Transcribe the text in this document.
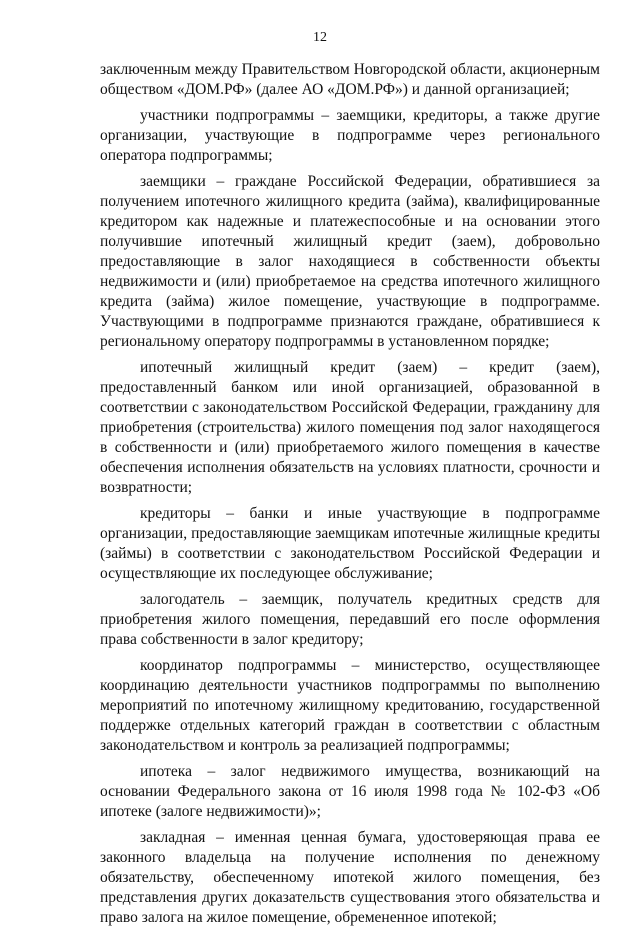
12

заключенным между Правительством Новгородской области, акционерным обществом «ДОМ.РФ» (далее АО «ДОМ.РФ») и данной организацией;

участники подпрограммы – заемщики, кредиторы, а также другие организации, участвующие в подпрограмме через регионального оператора подпрограммы;

заемщики – граждане Российской Федерации, обратившиеся за получением ипотечного жилищного кредита (займа), квалифицированные кредитором как надежные и платежеспособные и на основании этого получившие ипотечный жилищный кредит (заем), добровольно предоставляющие в залог находящиеся в собственности объекты недвижимости и (или) приобретаемое на средства ипотечного жилищного кредита (займа) жилое помещение, участвующие в подпрограмме. Участвующими в подпрограмме признаются граждане, обратившиеся к региональному оператору подпрограммы в установленном порядке;

ипотечный жилищный кредит (заем) – кредит (заем), предоставленный банком или иной организацией, образованной в соответствии с законодательством Российской Федерации, гражданину для приобретения (строительства) жилого помещения под залог находящегося в собственности и (или) приобретаемого жилого помещения в качестве обеспечения исполнения обязательств на условиях платности, срочности и возвратности;

кредиторы – банки и иные участвующие в подпрограмме организации, предоставляющие заемщикам ипотечные жилищные кредиты (займы) в соответствии с законодательством Российской Федерации и осуществляющие их последующее обслуживание;

залогодатель – заемщик, получатель кредитных средств для приобретения жилого помещения, передавший его после оформления права собственности в залог кредитору;

координатор подпрограммы – министерство, осуществляющее координацию деятельности участников подпрограммы по выполнению мероприятий по ипотечному жилищному кредитованию, государственной поддержке отдельных категорий граждан в соответствии с областным законодательством и контроль за реализацией подпрограммы;

ипотека – залог недвижимого имущества, возникающий на основании Федерального закона от 16 июля 1998 года № 102-ФЗ «Об ипотеке (залоге недвижимости)»;

закладная – именная ценная бумага, удостоверяющая права ее законного владельца на получение исполнения по денежному обязательству, обеспеченному ипотекой жилого помещения, без представления других доказательств существования этого обязательства и право залога на жилое помещение, обремененное ипотекой;
